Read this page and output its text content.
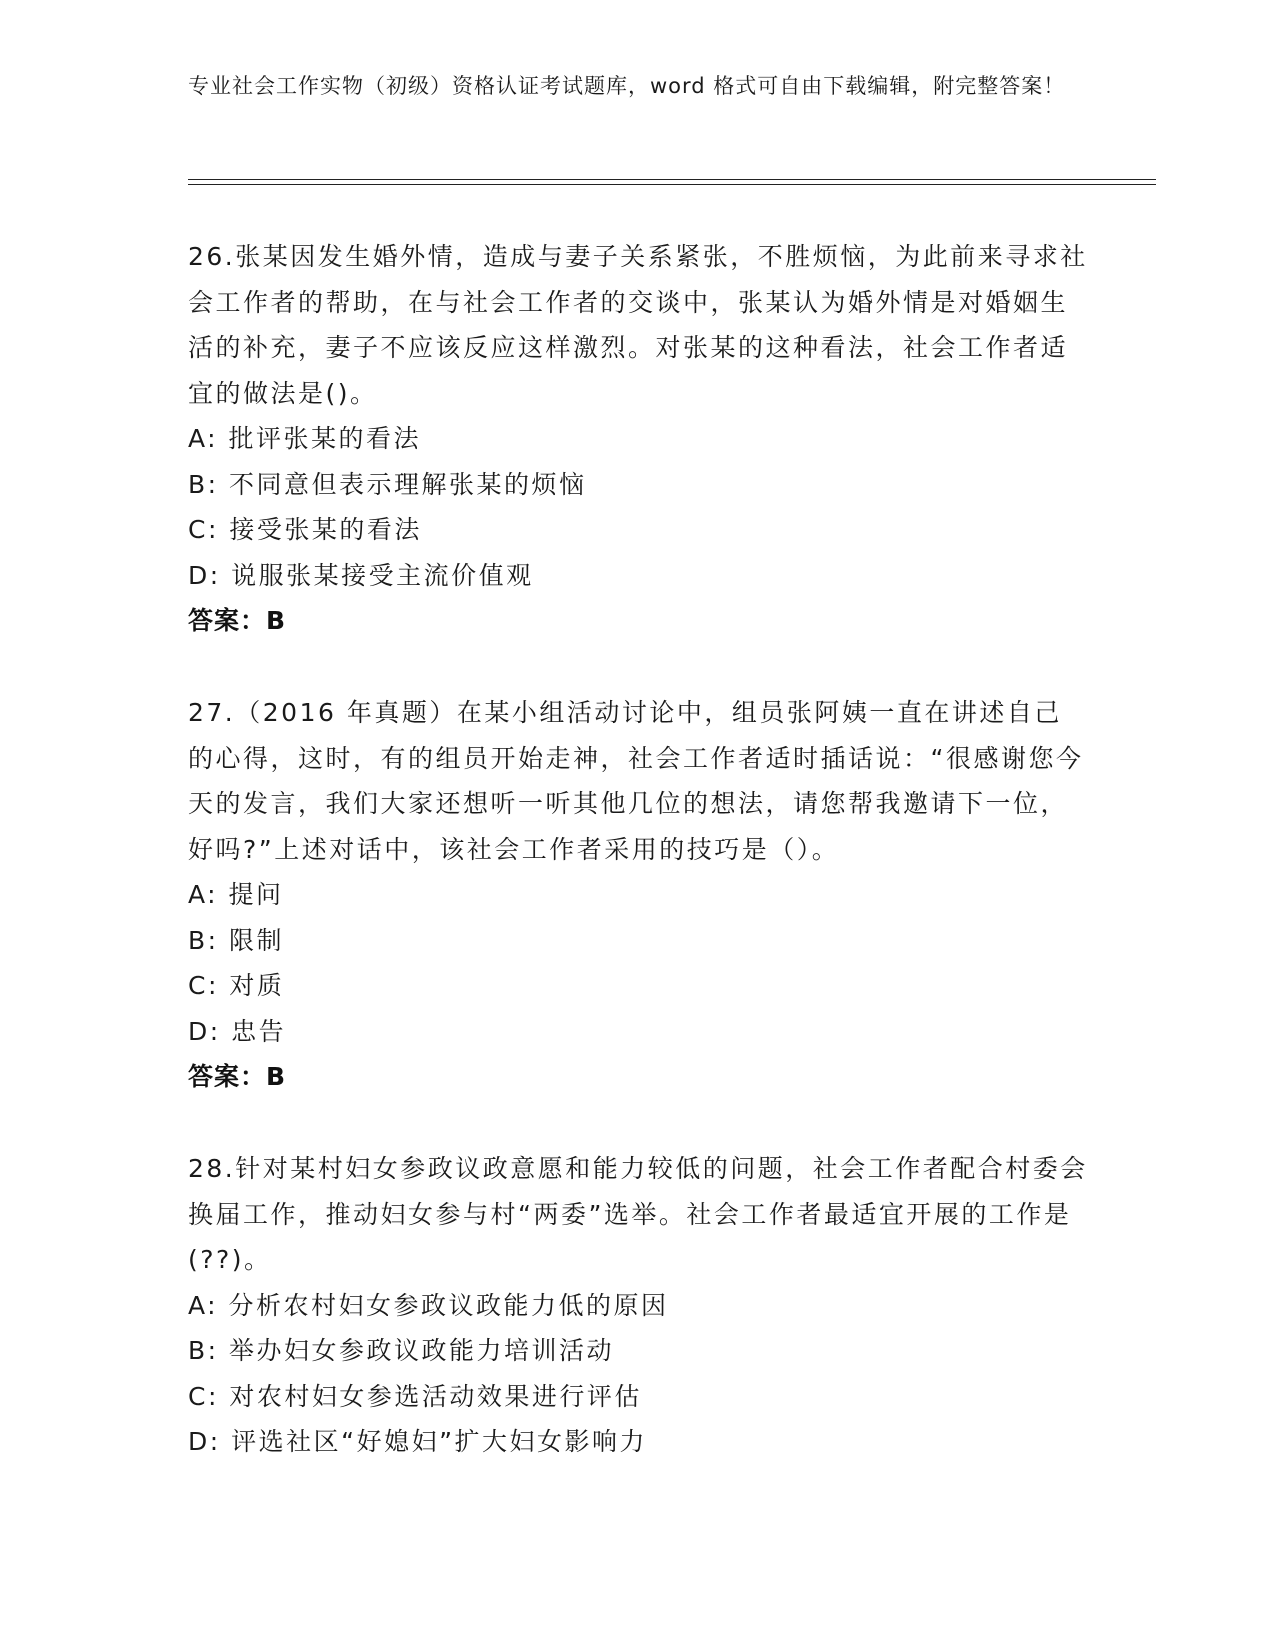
专业社会工作实物（初级）资格认证考试题库，word 格式可自由下载编辑，附完整答案！

26.张某因发生婚外情，造成与妻子关系紧张，不胜烦恼，为此前来寻求社会工作者的帮助，在与社会工作者的交谈中，张某认为婚外情是对婚姻生活的补充，妻子不应该反应这样激烈。对张某的这种看法，社会工作者适宜的做法是()。

A: 批评张某的看法

B: 不同意但表示理解张某的烦恼

C: 接受张某的看法

D: 说服张某接受主流价值观

答案：B

27.（2016 年真题）在某小组活动讨论中，组员张阿姨一直在讲述自己的心得，这时，有的组员开始走神，社会工作者适时插话说：“很感谢您今天的发言，我们大家还想听一听其他几位的想法，请您帮我邀请下一位，好吗?”上述对话中，该社会工作者采用的技巧是（）。

A: 提问

B: 限制

C: 对质

D: 忠告

答案：B

28.针对某村妇女参政议政意愿和能力较低的问题，社会工作者配合村委会换届工作，推动妇女参与村“两委”选举。社会工作者最适宜开展的工作是(??)。

A: 分析农村妇女参政议政能力低的原因

B: 举办妇女参政议政能力培训活动

C: 对农村妇女参选活动效果进行评估

D: 评选社区“好媳妇”扩大妇女影响力
